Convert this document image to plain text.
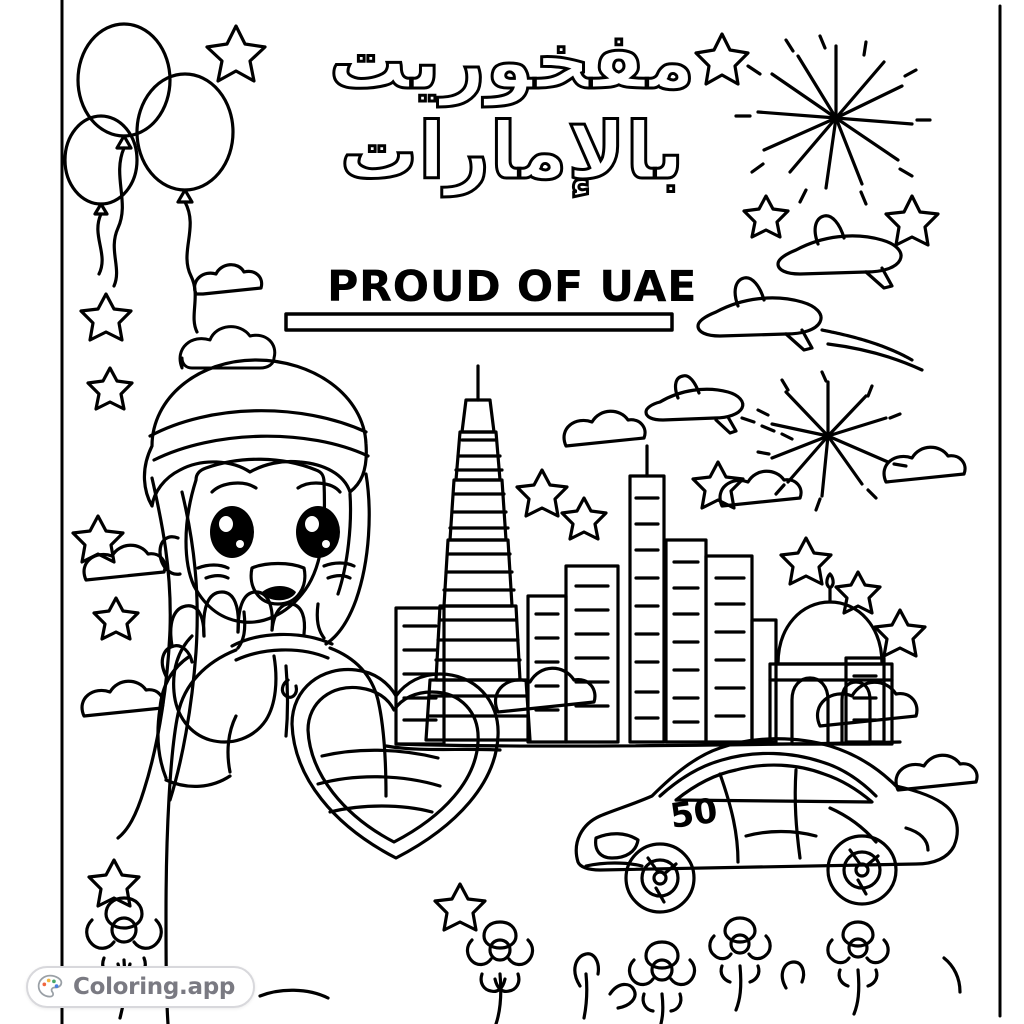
50
مفخوريت
بالإمارات
PROUD OF UAE
Coloring.app
